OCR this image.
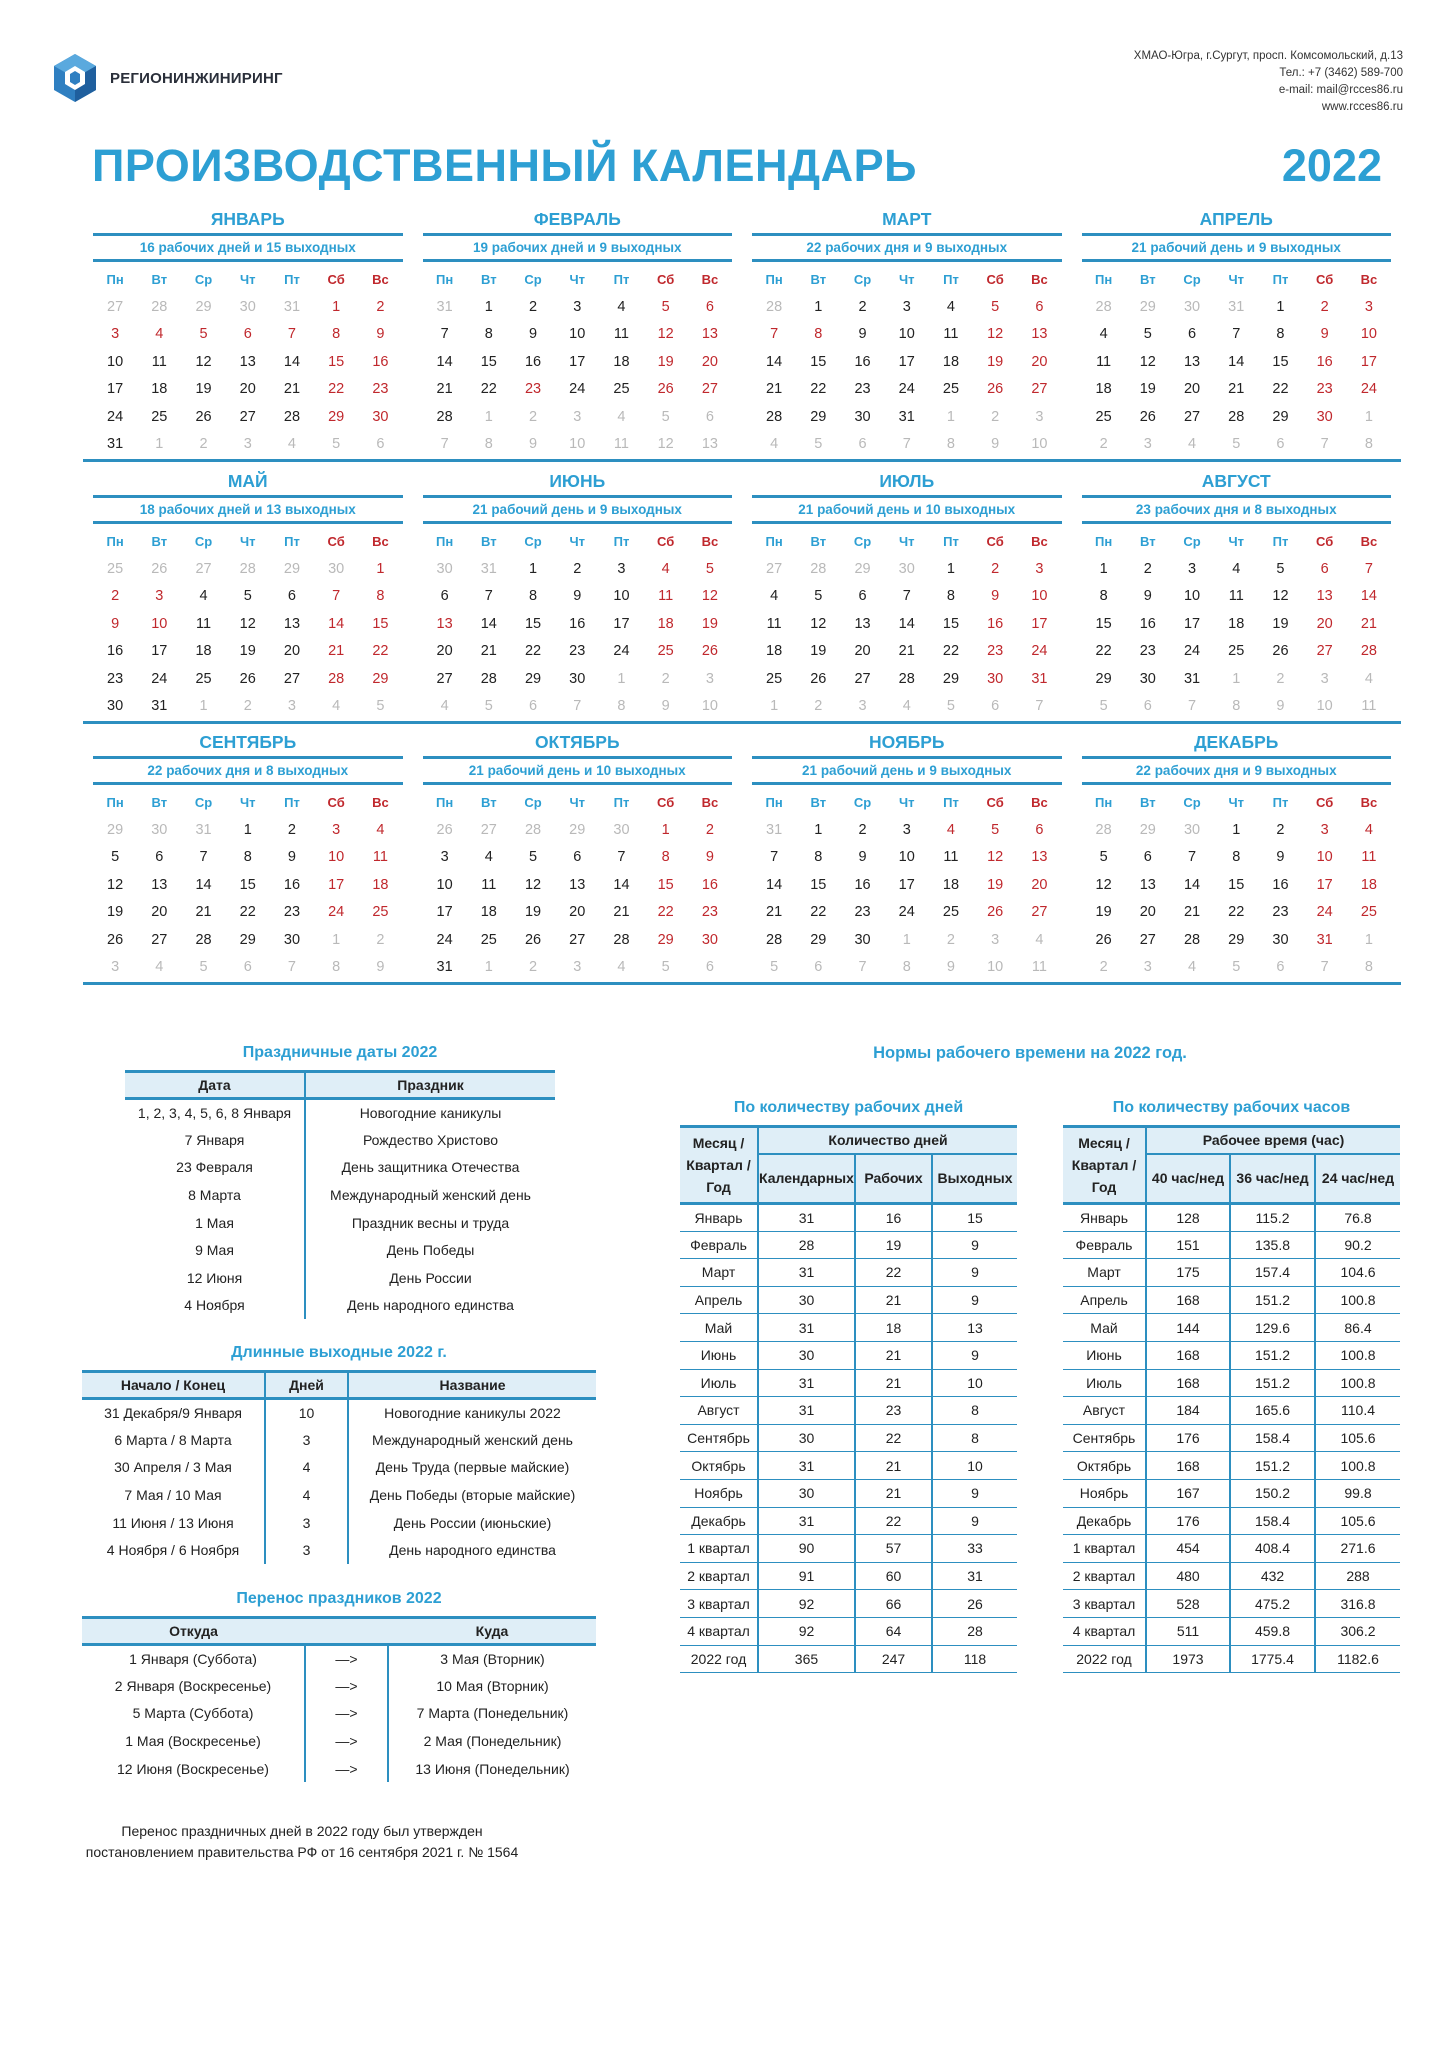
РЕГИОНИНЖИНИРИНГ
ХМАО-Югра, г.Сургут, просп. Комсомольский, д.13
Тел.: +7 (3462) 589-700
e-mail: mail@rcces86.ru
www.rcces86.ru
ПРОИЗВОДСТВЕННЫЙ КАЛЕНДАРЬ	2022
ЯНВАРЬ
16 рабочих дней и 15 выходных
Пн	Вт	Ср	Чт	Пт	Сб	Вс
27	28	29	30	31	1	2
3	4	5	6	7	8	9
10	11	12	13	14	15	16
17	18	19	20	21	22	23
24	25	26	27	28	29	30
31	1	2	3	4	5	6
ФЕВРАЛЬ
19 рабочих дней и 9 выходных
Пн	Вт	Ср	Чт	Пт	Сб	Вс
31	1	2	3	4	5	6
7	8	9	10	11	12	13
14	15	16	17	18	19	20
21	22	23	24	25	26	27
28	1	2	3	4	5	6
7	8	9	10	11	12	13
МАРТ
22 рабочих дня и 9 выходных
Пн	Вт	Ср	Чт	Пт	Сб	Вс
28	1	2	3	4	5	6
7	8	9	10	11	12	13
14	15	16	17	18	19	20
21	22	23	24	25	26	27
28	29	30	31	1	2	3
4	5	6	7	8	9	10
АПРЕЛЬ
21 рабочий день и 9 выходных
Пн	Вт	Ср	Чт	Пт	Сб	Вс
28	29	30	31	1	2	3
4	5	6	7	8	9	10
11	12	13	14	15	16	17
18	19	20	21	22	23	24
25	26	27	28	29	30	1
2	3	4	5	6	7	8
МАЙ
18 рабочих дней и 13 выходных
Пн	Вт	Ср	Чт	Пт	Сб	Вс
25	26	27	28	29	30	1
2	3	4	5	6	7	8
9	10	11	12	13	14	15
16	17	18	19	20	21	22
23	24	25	26	27	28	29
30	31	1	2	3	4	5
ИЮНЬ
21 рабочий день и 9 выходных
Пн	Вт	Ср	Чт	Пт	Сб	Вс
30	31	1	2	3	4	5
6	7	8	9	10	11	12
13	14	15	16	17	18	19
20	21	22	23	24	25	26
27	28	29	30	1	2	3
4	5	6	7	8	9	10
ИЮЛЬ
21 рабочий день и 10 выходных
Пн	Вт	Ср	Чт	Пт	Сб	Вс
27	28	29	30	1	2	3
4	5	6	7	8	9	10
11	12	13	14	15	16	17
18	19	20	21	22	23	24
25	26	27	28	29	30	31
1	2	3	4	5	6	7
АВГУСТ
23 рабочих дня и 8 выходных
Пн	Вт	Ср	Чт	Пт	Сб	Вс
1	2	3	4	5	6	7
8	9	10	11	12	13	14
15	16	17	18	19	20	21
22	23	24	25	26	27	28
29	30	31	1	2	3	4
5	6	7	8	9	10	11
СЕНТЯБРЬ
22 рабочих дня и 8 выходных
Пн	Вт	Ср	Чт	Пт	Сб	Вс
29	30	31	1	2	3	4
5	6	7	8	9	10	11
12	13	14	15	16	17	18
19	20	21	22	23	24	25
26	27	28	29	30	1	2
3	4	5	6	7	8	9
ОКТЯБРЬ
21 рабочий день и 10 выходных
Пн	Вт	Ср	Чт	Пт	Сб	Вс
26	27	28	29	30	1	2
3	4	5	6	7	8	9
10	11	12	13	14	15	16
17	18	19	20	21	22	23
24	25	26	27	28	29	30
31	1	2	3	4	5	6
НОЯБРЬ
21 рабочий день и 9 выходных
Пн	Вт	Ср	Чт	Пт	Сб	Вс
31	1	2	3	4	5	6
7	8	9	10	11	12	13
14	15	16	17	18	19	20
21	22	23	24	25	26	27
28	29	30	1	2	3	4
5	6	7	8	9	10	11
ДЕКАБРЬ
22 рабочих дня и 9 выходных
Пн	Вт	Ср	Чт	Пт	Сб	Вс
28	29	30	1	2	3	4
5	6	7	8	9	10	11
12	13	14	15	16	17	18
19	20	21	22	23	24	25
26	27	28	29	30	31	1
2	3	4	5	6	7	8
Праздничные даты 2022
Дата	Праздник
1, 2, 3, 4, 5, 6, 8 Января	Новогодние каникулы
7 Января	Рождество Христово
23 Февраля	День защитника Отечества
8 Марта	Международный женский день
1 Мая	Праздник весны и труда
9 Мая	День Победы
12 Июня	День России
4 Ноября	День народного единства
Длинные выходные 2022 г.
Начало / Конец	Дней	Название
31 Декабря/9 Января	10	Новогодние каникулы 2022
6 Марта / 8 Марта	3	Международный женский день
30 Апреля / 3 Мая	4	День Труда (первые майские)
7 Мая / 10 Мая	4	День Победы (вторые майские)
11 Июня / 13 Июня	3	День России (июньские)
4 Ноября / 6 Ноября	3	День народного единства
Перенос праздников 2022
Откуда		Куда
1 Января (Суббота)	—>	3 Мая (Вторник)
2 Января (Воскресенье)	—>	10 Мая (Вторник)
5 Марта (Суббота)	—>	7 Марта (Понедельник)
1 Мая (Воскресенье)	—>	2 Мая (Понедельник)
12 Июня (Воскресенье)	—>	13 Июня (Понедельник)
Перенос праздничных дней в 2022 году был утвержден
постановлением правительства РФ от 16 сентября 2021 г. № 1564
Нормы рабочего времени на 2022 год.
По количеству рабочих дней
Месяц / Квартал / Год	Количество дней		
	Календарных	Рабочих	Выходных
Январь	31	16	15
Февраль	28	19	9
Март	31	22	9
Апрель	30	21	9
Май	31	18	13
Июнь	30	21	9
Июль	31	21	10
Август	31	23	8
Сентябрь	30	22	8
Октябрь	31	21	10
Ноябрь	30	21	9
Декабрь	31	22	9
1 квартал	90	57	33
2 квартал	91	60	31
3 квартал	92	66	26
4 квартал	92	64	28
2022 год	365	247	118
По количеству рабочих часов
Месяц / Квартал / Год	Рабочее время (час)		
	40 час/нед	36 час/нед	24 час/нед
Январь	128	115.2	76.8
Февраль	151	135.8	90.2
Март	175	157.4	104.6
Апрель	168	151.2	100.8
Май	144	129.6	86.4
Июнь	168	151.2	100.8
Июль	168	151.2	100.8
Август	184	165.6	110.4
Сентябрь	176	158.4	105.6
Октябрь	168	151.2	100.8
Ноябрь	167	150.2	99.8
Декабрь	176	158.4	105.6
1 квартал	454	408.4	271.6
2 квартал	480	432	288
3 квартал	528	475.2	316.8
4 квартал	511	459.8	306.2
2022 год	1973	1775.4	1182.6
